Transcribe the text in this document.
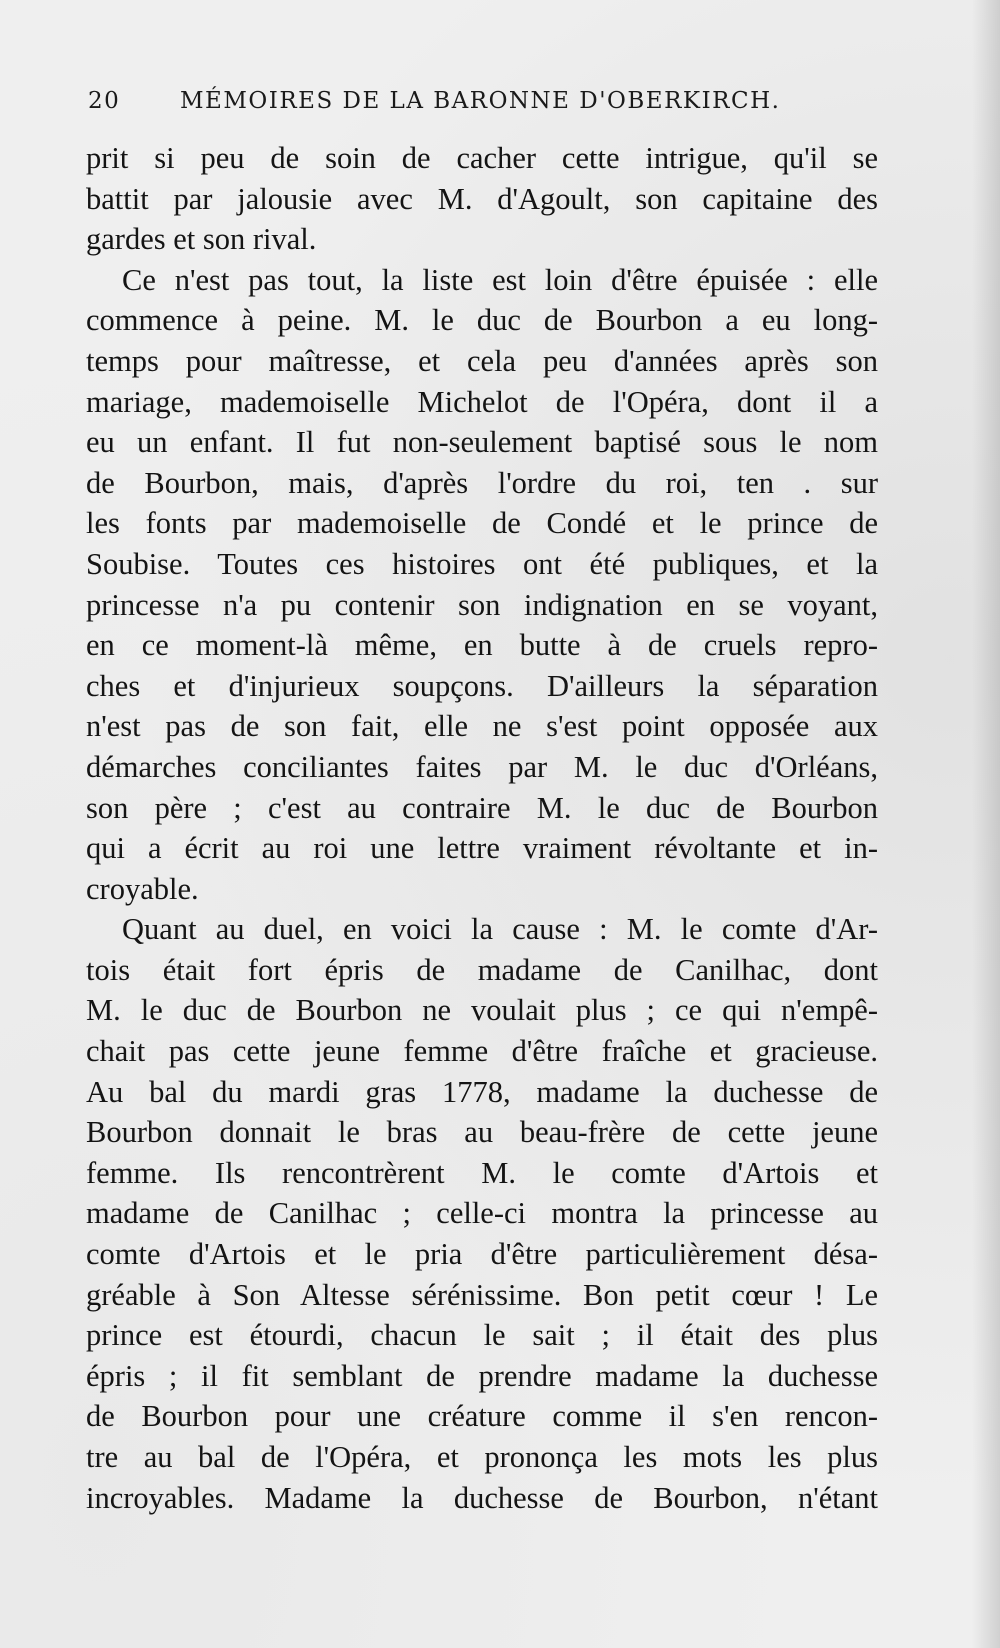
20	MÉMOIRES DE LA BARONNE D'OBERKIRCH.
prit si peu de soin de cacher cette intrigue, qu'il se
battit par jalousie avec M. d'Agoult, son capitaine des
gardes et son rival.
Ce n'est pas tout, la liste est loin d'être épuisée : elle
commence à peine. M. le duc de Bourbon a eu long-
temps pour maîtresse, et cela peu d'années après son
mariage, mademoiselle Michelot de l'Opéra, dont il a
eu un enfant. Il fut non-seulement baptisé sous le nom
de Bourbon, mais, d'après l'ordre du roi, ten . sur
les fonts par mademoiselle de Condé et le prince de
Soubise. Toutes ces histoires ont été publiques, et la
princesse n'a pu contenir son indignation en se voyant,
en ce moment-là même, en butte à de cruels repro-
ches et d'injurieux soupçons. D'ailleurs la séparation
n'est pas de son fait, elle ne s'est point opposée aux
démarches conciliantes faites par M. le duc d'Orléans,
son père ; c'est au contraire M. le duc de Bourbon
qui a écrit au roi une lettre vraiment révoltante et in-
croyable.
Quant au duel, en voici la cause : M. le comte d'Ar-
tois était fort épris de madame de Canilhac, dont
M. le duc de Bourbon ne voulait plus ; ce qui n'empê-
chait pas cette jeune femme d'être fraîche et gracieuse.
Au bal du mardi gras 1778, madame la duchesse de
Bourbon donnait le bras au beau-frère de cette jeune
femme. Ils rencontrèrent M. le comte d'Artois et
madame de Canilhac ; celle-ci montra la princesse au
comte d'Artois et le pria d'être particulièrement désa-
gréable à Son Altesse sérénissime. Bon petit cœur ! Le
prince est étourdi, chacun le sait ; il était des plus
épris ; il fit semblant de prendre madame la duchesse
de Bourbon pour une créature comme il s'en rencon-
tre au bal de l'Opéra, et prononça les mots les plus
incroyables. Madame la duchesse de Bourbon, n'étant
